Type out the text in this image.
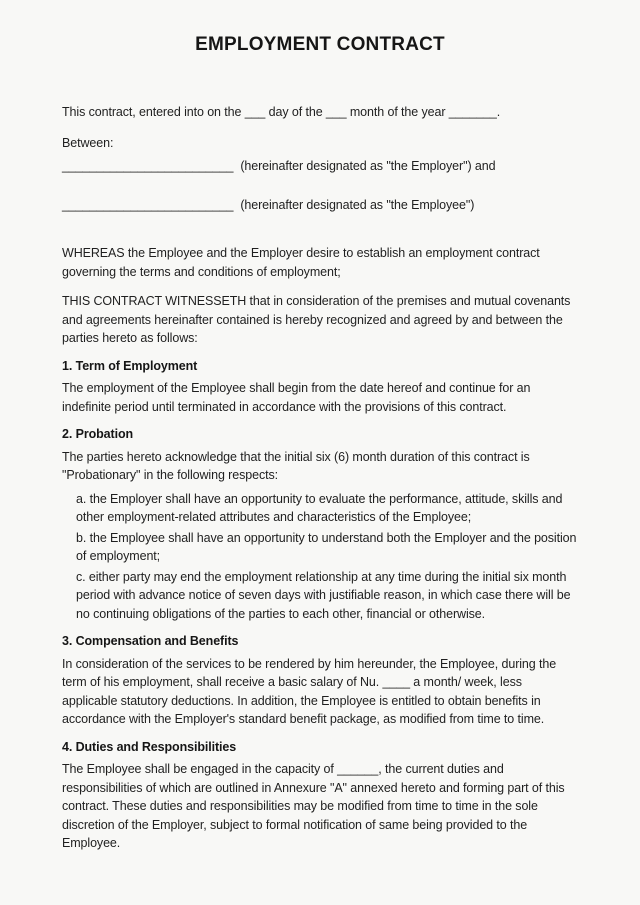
EMPLOYMENT CONTRACT

This contract, entered into on the ___ day of the ___ month of the year _______.

Between:

_________________________ (hereinafter designated as "the Employer") and

_________________________ (hereinafter designated as "the Employee")

WHEREAS the Employee and the Employer desire to establish an employment contract governing the terms and conditions of employment;

THIS CONTRACT WITNESSETH that in consideration of the premises and mutual covenants and agreements hereinafter contained is hereby recognized and agreed by and between the parties hereto as follows:

1. Term of Employment

The employment of the Employee shall begin from the date hereof and continue for an indefinite period until terminated in accordance with the provisions of this contract.

2. Probation

The parties hereto acknowledge that the initial six (6) month duration of this contract is "Probationary" in the following respects:

a. the Employer shall have an opportunity to evaluate the performance, attitude, skills and other employment-related attributes and characteristics of the Employee;

b. the Employee shall have an opportunity to understand both the Employer and the position of employment;

c. either party may end the employment relationship at any time during the initial six month period with advance notice of seven days with justifiable reason, in which case there will be no continuing obligations of the parties to each other, financial or otherwise.

3. Compensation and Benefits

In consideration of the services to be rendered by him hereunder, the Employee, during the term of his employment, shall receive a basic salary of Nu. ____ a month/ week, less applicable statutory deductions. In addition, the Employee is entitled to obtain benefits in accordance with the Employer's standard benefit package, as modified from time to time.

4. Duties and Responsibilities

The Employee shall be engaged in the capacity of ______, the current duties and responsibilities of which are outlined in Annexure "A" annexed hereto and forming part of this contract. These duties and responsibilities may be modified from time to time in the sole discretion of the Employer, subject to formal notification of same being provided to the Employee.
